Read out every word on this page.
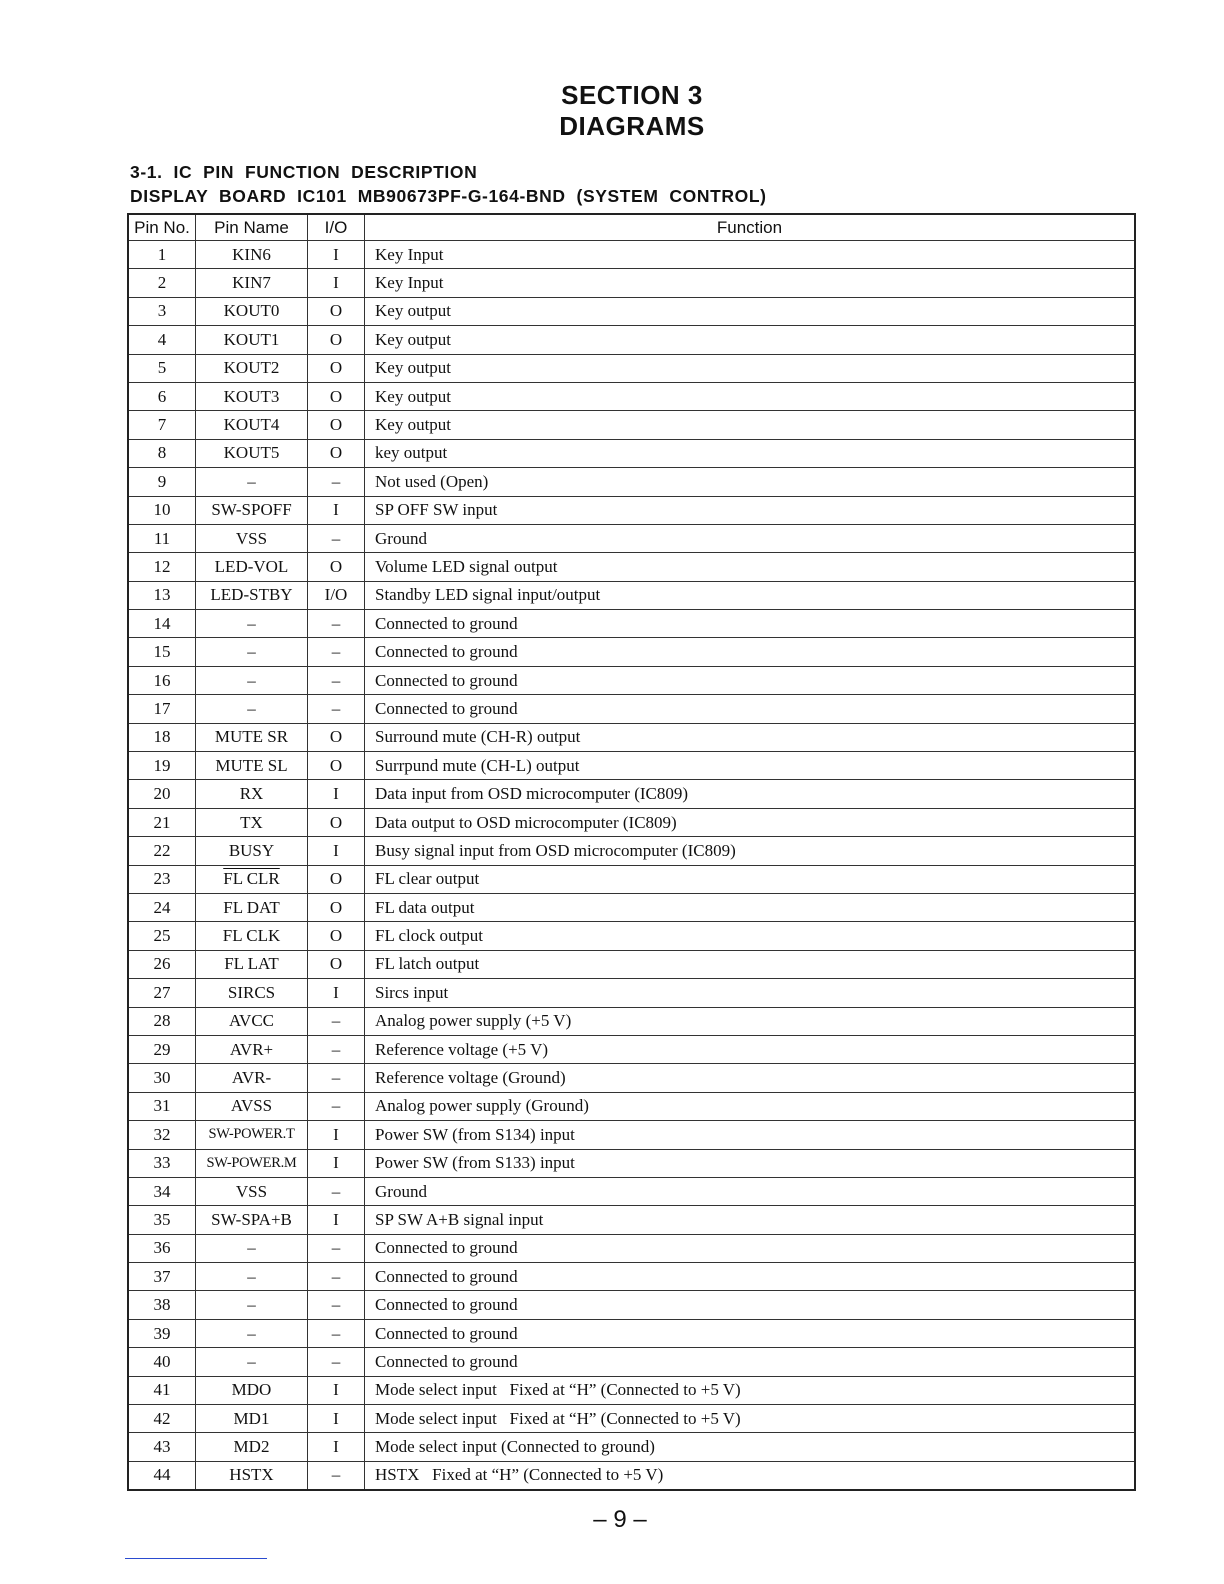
SECTION 3
DIAGRAMS
3-1.  IC  PIN  FUNCTION  DESCRIPTION
DISPLAY  BOARD  IC101  MB90673PF-G-164-BND  (SYSTEM  CONTROL)
Pin No.	Pin Name	I/O	Function
1	KIN6	I	Key Input
2	KIN7	I	Key Input
3	KOUT0	O	Key output
4	KOUT1	O	Key output
5	KOUT2	O	Key output
6	KOUT3	O	Key output
7	KOUT4	O	Key output
8	KOUT5	O	key output
9	–	–	Not used (Open)
10	SW-SPOFF	I	SP OFF SW input
11	VSS	–	Ground
12	LED-VOL	O	Volume LED signal output
13	LED-STBY	I/O	Standby LED signal input/output
14	–	–	Connected to ground
15	–	–	Connected to ground
16	–	–	Connected to ground
17	–	–	Connected to ground
18	MUTE SR	O	Surround mute (CH-R) output
19	MUTE SL	O	Surrpund mute (CH-L) output
20	RX	I	Data input from OSD microcomputer (IC809)
21	TX	O	Data output to OSD microcomputer (IC809)
22	BUSY	I	Busy signal input from OSD microcomputer (IC809)
23	FL CLR	O	FL clear output
24	FL DAT	O	FL data output
25	FL CLK	O	FL clock output
26	FL LAT	O	FL latch output
27	SIRCS	I	Sircs input
28	AVCC	–	Analog power supply (+5 V)
29	AVR+	–	Reference voltage (+5 V)
30	AVR-	–	Reference voltage (Ground)
31	AVSS	–	Analog power supply (Ground)
32	SW-POWER.T	I	Power SW (from S134) input
33	SW-POWER.M	I	Power SW (from S133) input
34	VSS	–	Ground
35	SW-SPA+B	I	SP SW A+B signal input
36	–	–	Connected to ground
37	–	–	Connected to ground
38	–	–	Connected to ground
39	–	–	Connected to ground
40	–	–	Connected to ground
41	MDO	I	Mode select input   Fixed at “H” (Connected to +5 V)
42	MD1	I	Mode select input   Fixed at “H” (Connected to +5 V)
43	MD2	I	Mode select input (Connected to ground)
44	HSTX	–	HSTX   Fixed at “H” (Connected to +5 V)
– 9 –
